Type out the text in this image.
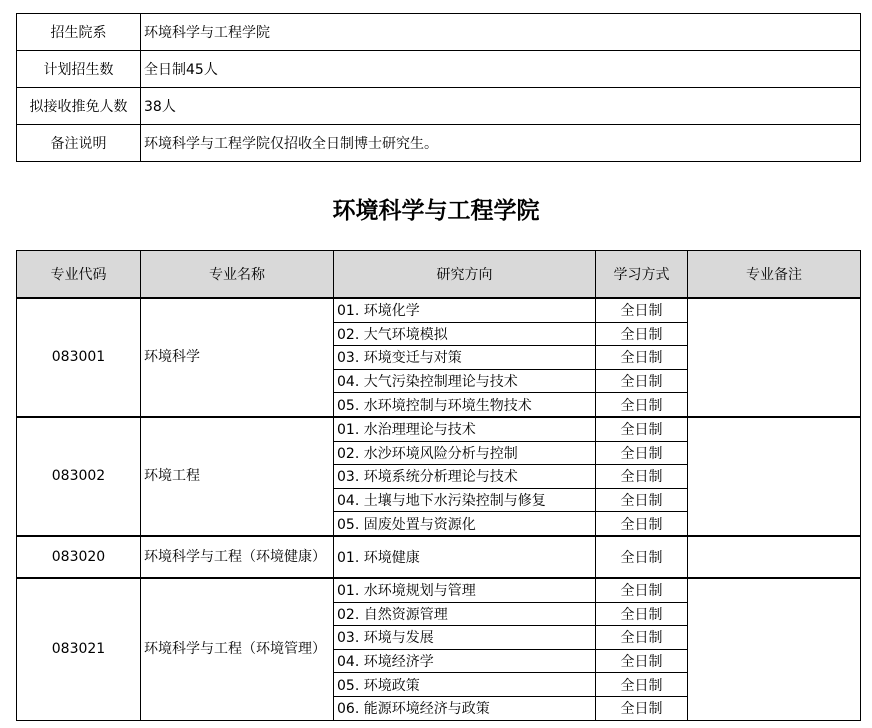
招生院系	环境科学与工程学院
计划招生数	全日制45人
拟接收推免人数	38人
备注说明	环境科学与工程学院仅招收全日制博士研究生。
环境科学与工程学院
专业代码	专业名称	研究方向	学习方式	专业备注
083001	环境科学	01. 环境化学	全日制	
		02. 大气环境模拟	全日制	
		03. 环境变迁与对策	全日制	
		04. 大气污染控制理论与技术	全日制	
		05. 水环境控制与环境生物技术	全日制	
083002	环境工程	01. 水治理理论与技术	全日制	
		02. 水沙环境风险分析与控制	全日制	
		03. 环境系统分析理论与技术	全日制	
		04. 土壤与地下水污染控制与修复	全日制	
		05. 固废处置与资源化	全日制	
083020	环境科学与工程（环境健康）	01. 环境健康	全日制	
083021	环境科学与工程（环境管理）	01. 水环境规划与管理	全日制	
		02. 自然资源管理	全日制	
		03. 环境与发展	全日制	
		04. 环境经济学	全日制	
		05. 环境政策	全日制	
		06. 能源环境经济与政策	全日制	
